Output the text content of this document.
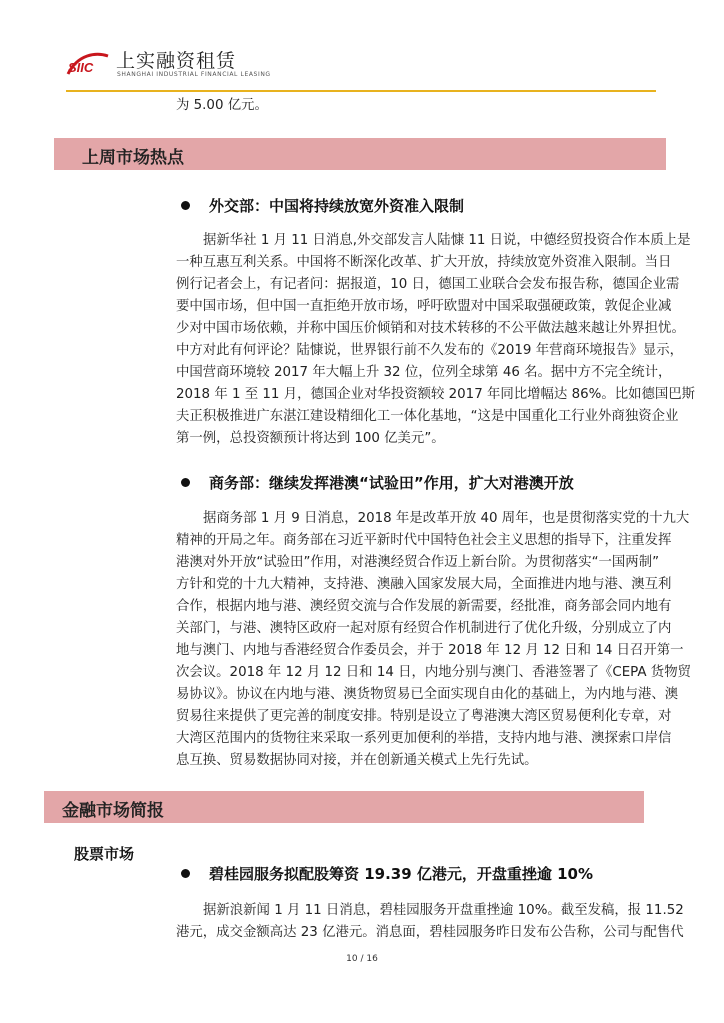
SIIC 上实融资租赁
SHANGHAI INDUSTRIAL FINANCIAL LEASING
为 5.00 亿元。
上周市场热点
外交部：中国将持续放宽外资准入限制
据新华社 1 月 11 日消息,外交部发言人陆慷 11 日说，中德经贸投资合作本质上是
一种互惠互利关系。中国将不断深化改革、扩大开放，持续放宽外资准入限制。当日
例行记者会上，有记者问：据报道，10 日，德国工业联合会发布报告称，德国企业需
要中国市场，但中国一直拒绝开放市场，呼吁欧盟对中国采取强硬政策，敦促企业减
少对中国市场依赖，并称中国压价倾销和对技术转移的不公平做法越来越让外界担忧。
中方对此有何评论？陆慷说，世界银行前不久发布的《2019 年营商环境报告》显示，
中国营商环境较 2017 年大幅上升 32 位，位列全球第 46 名。据中方不完全统计，
2018 年 1 至 11 月，德国企业对华投资额较 2017 年同比增幅达 86%。比如德国巴斯
夫正积极推进广东湛江建设精细化工一体化基地，“这是中国重化工行业外商独资企业
第一例，总投资额预计将达到 100 亿美元”。
商务部：继续发挥港澳“试验田”作用，扩大对港澳开放
据商务部 1 月 9 日消息，2018 年是改革开放 40 周年，也是贯彻落实党的十九大
精神的开局之年。商务部在习近平新时代中国特色社会主义思想的指导下，注重发挥
港澳对外开放“试验田”作用，对港澳经贸合作迈上新台阶。为贯彻落实“一国两制”
方针和党的十九大精神，支持港、澳融入国家发展大局，全面推进内地与港、澳互利
合作，根据内地与港、澳经贸交流与合作发展的新需要，经批准，商务部会同内地有
关部门，与港、澳特区政府一起对原有经贸合作机制进行了优化升级，分别成立了内
地与澳门、内地与香港经贸合作委员会，并于 2018 年 12 月 12 日和 14 日召开第一
次会议。2018 年 12 月 12 日和 14 日，内地分别与澳门、香港签署了《CEPA 货物贸
易协议》。协议在内地与港、澳货物贸易已全面实现自由化的基础上，为内地与港、澳
贸易往来提供了更完善的制度安排。特别是设立了粤港澳大湾区贸易便利化专章，对
大湾区范围内的货物往来采取一系列更加便利的举措，支持内地与港、澳探索口岸信
息互换、贸易数据协同对接，并在创新通关模式上先行先试。
金融市场简报
股票市场
碧桂园服务拟配股筹资 19.39 亿港元，开盘重挫逾 10%
据新浪新闻 1 月 11 日消息，碧桂园服务开盘重挫逾 10%。截至发稿，报 11.52
港元，成交金额高达 23 亿港元。消息面，碧桂园服务昨日发布公告称，公司与配售代
10 / 16
